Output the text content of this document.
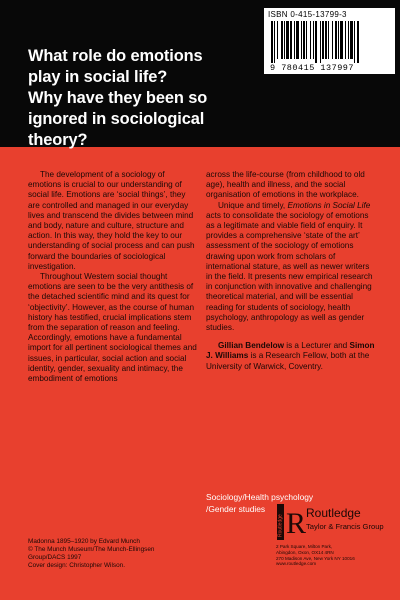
What role do emotions

play in social life?

Why have they been so

ignored in sociological

theory?

ISBN 0-415-13799-3
9 780415 137997

The development of a sociology of emotions is crucial to our understanding of social life. Emotions are ‘social things’, they are controlled and managed in our everyday lives and transcend the divides between mind and body, nature and culture, structure and action. In this way, they hold the key to our understanding of social process and can push forward the boundaries of sociological investigation.

Throughout Western social thought emotions are seen to be the very antithesis of the detached scientific mind and its quest for ‘objectivity’. However, as the course of human history has testified, crucial implications stem from the separation of reason and feeling. Accordingly, emotions have a fundamental import for all pertinent sociological themes and issues, in particular, social action and social identity, gender, sexuality and intimacy, the embodiment of emotions

across the life-course (from childhood to old age), health and illness, and the social organisation of emotions in the workplace.

Unique and timely, Emotions in Social Life acts to consolidate the sociology of emotions as a legitimate and viable field of enquiry. It provides a comprehensive ‘state of the art’ assessment of the sociology of emotions drawing upon work from scholars of international stature, as well as newer writers in the field. It presents new empirical research in conjunction with innovative and challenging theoretical material, and will be essential reading for students of sociology, health psychology, anthropology as well as gender studies.

Gillian Bendelow is a Lecturer and Simon J. Williams is a Research Fellow, both at the University of Warwick, Coventry.

Sociology/Health psychology
/Gender studies
Madonna 1895–1920 by Edvard Munch
© The Munch Museum/The Munch-Ellingsen
Group/DACS 1997
Cover design: Christopher Wilson.
Routledge R Routledge
Taylor & Francis Group
2 Park Square, Milton Park,
Abingdon, Oxon, OX14 4RN
270 Madison Ave, New York NY 10016
www.routledge.com
